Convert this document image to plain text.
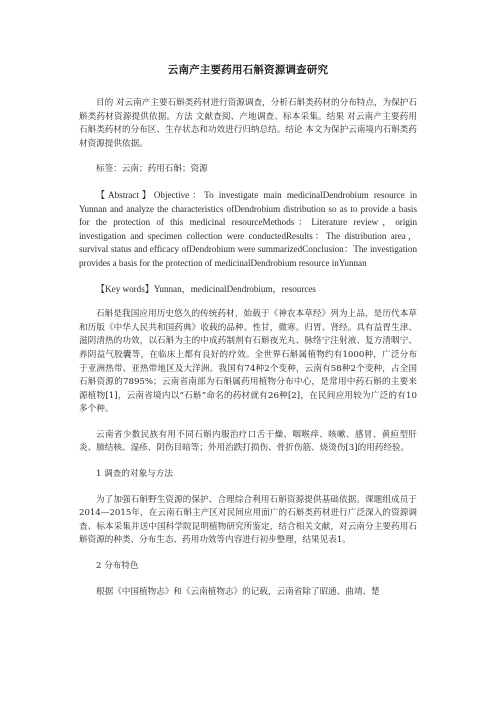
云南产主要药用石斛资源调查研究

目的 对云南产主要石斛类药材进行资源调查，分析石斛类药材的分布特点，为保护石斛类药材资源提供依据。方法 文献查阅、产地调查、标本采集。结果 对云南产主要药用石斛类药材的分布区、生存状态和功效进行归纳总结。结论 本文为保护云南境内石斛类药材资源提供依据。

标签：云南；药用石斛；资源

【Abstract】Objective：To investigate main medicinalDendrobium resource in Yunnan and analyze the characteristics ofDendrobium distribution so as to provide a basis for the protection of this medicinal resourceMethods：Literature review，origin investigation and specimen collection were conductedResults：The distribution area，survival status and efficacy ofDendrobium were summarizedConclusion：The investigation provides a basis for the protection of medicinalDendrobium resource inYunnan

【Key words】Yunnan，medicinalDendrobium，resources

石斛是我国应用历史悠久的传统药材，始载于《神农本草经》列为上品，是历代本草和历版《中华人民共和国药典》收载的品种。性甘，微寒。归胃、肾经。具有益胃生津、滋阴清热的功效，以石斛为主的中成药制剂有石斛夜光丸、脉络宁注射液、复方清咽宁、养阴益气胶囊等，在临床上都有良好的疗效。全世界石斛属植物约有1000种，广泛分布于亚洲热带、亚热带地区及大洋洲。我国有74种2个变种，云南有58种2个变种，占全国石斛资源的7895%；云南省南部为石斛属药用植物分布中心，是常用中药石斛的主要来源植物[1]，云南省境内以“石斛”命名的药材就有26种[2]，在民间应用较为广泛的有10多个种。

云南省少数民族有用不同石斛内服治疗口舌干燥、咽喉痒、咳嗽、感冒、黄疸型肝炎、肺结核、湿疹、阴伤目暗等；外用治跌打损伤、骨折伤筋、烧烫伤[3]的用药经验。

1 调查的对象与方法

为了加强石斛野生资源的保护、合理综合利用石斛资源提供基础依据。课题组成员于2014—2015年，在云南石斛主产区对民间应用面广的石斛类药材进行广泛深入的资源调查、标本采集并送中国科学院昆明植物研究所鉴定，结合相关文献，对云南分主要药用石斛资源的种类、分布生态、药用功效等内容进行初步整理，结果见表1。

2 分布特色

根据《中国植物志》和《云南植物志》的记载，云南省除了昭通、曲靖、楚
